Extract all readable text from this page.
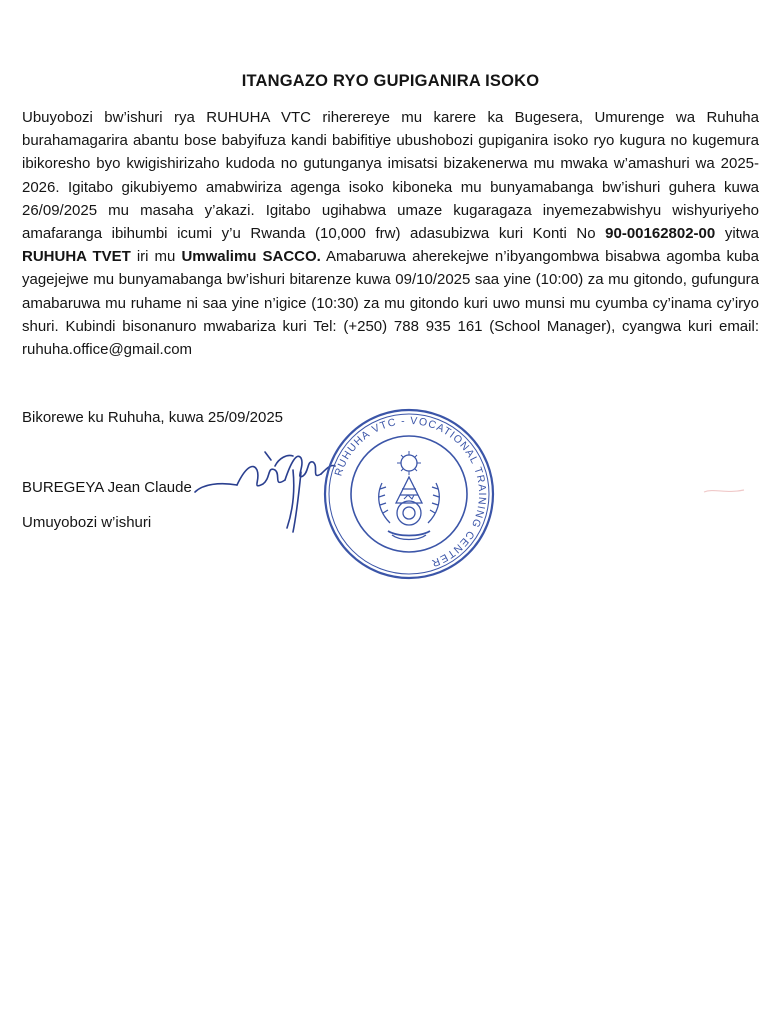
ITANGAZO RYO GUPIGANIRA ISOKO

Ubuyobozi bw’ishuri rya RUHUHA VTC riherereye mu karere ka Bugesera, Umurenge wa Ruhuha burahamagarira abantu bose babyifuza kandi babifitiye ubushobozi gupiganira isoko ryo kugura no kugemura ibikoresho byo kwigishirizaho kudoda no gutunganya imisatsi bizakenerwa mu mwaka w’amashuri wa 2025-2026. Igitabo gikubiyemo amabwiriza agenga isoko kiboneka mu bunyamabanga bw’ishuri guhera kuwa 26/09/2025 mu masaha y’akazi. Igitabo ugihabwa umaze kugaragaza inyemezabwishyu wishyuriyeho amafaranga ibihumbi icumi y’u Rwanda (10,000 frw) adasubizwa kuri Konti No 90-00162802-00 yitwa RUHUHA TVET iri mu Umwalimu SACCO. Amabaruwa aherekejwe n’ibyangombwa bisabwa agomba kuba yagejejwe mu bunyamabanga bw’ishuri bitarenze kuwa 09/10/2025 saa yine (10:00) za mu gitondo, gufungura amabaruwa mu ruhame ni saa yine n’igice (10:30) za mu gitondo kuri uwo munsi mu cyumba cy’inama cy’iryo shuri. Kubindi bisonanuro mwabariza kuri Tel: (+250) 788 935 161 (School Manager), cyangwa kuri email: ruhuha.office@gmail.com

Bikorewe ku Ruhuha, kuwa 25/09/2025

BUREGEYA Jean Claude

Umuyobozi w’ishuri

RUHUHA VTC - VOCATIONAL TRAINING CENTER
